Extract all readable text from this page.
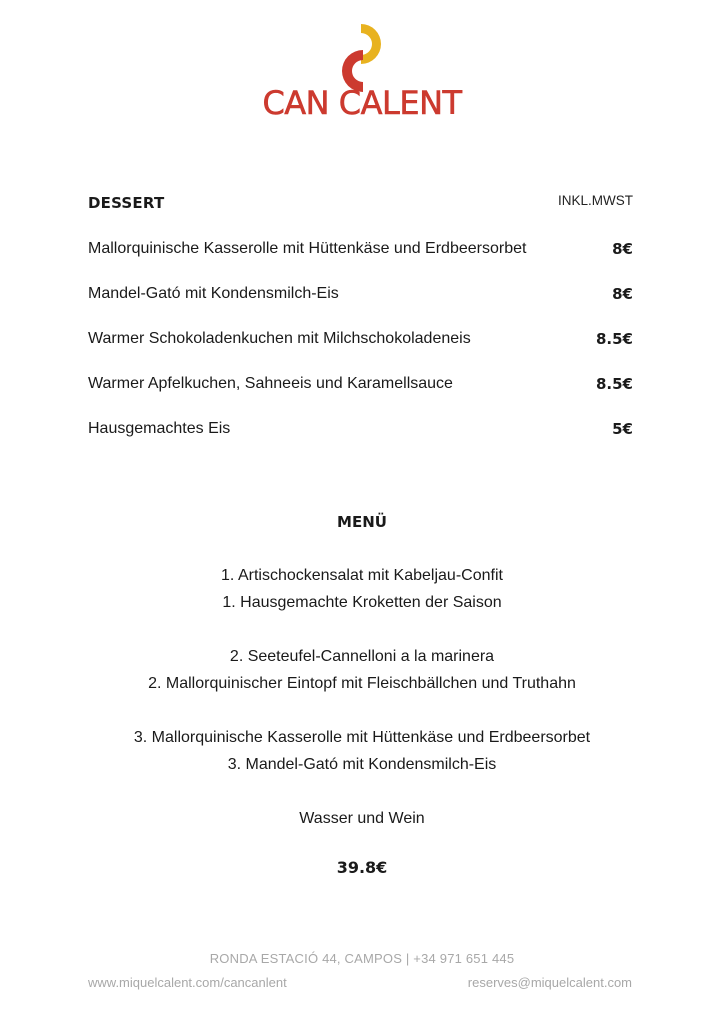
CAN CALENT
DESSERT	INKL.MWST
Mallorquinische Kasserolle mit Hüttenkäse und Erdbeersorbet	8€
Mandel-Gató mit Kondensmilch-Eis	8€
Warmer Schokoladenkuchen mit Milchschokoladeneis	8.5€
Warmer Apfelkuchen, Sahneeis und Karamellsauce	8.5€
Hausgemachtes Eis	5€
MENÜ
1. Artischockensalat mit Kabeljau-Confit
1. Hausgemachte Kroketten der Saison
2. Seeteufel-Cannelloni a la marinera
2. Mallorquinischer Eintopf mit Fleischbällchen und Truthahn
3. Mallorquinische Kasserolle mit Hüttenkäse und Erdbeersorbet
3. Mandel-Gató mit Kondensmilch-Eis
Wasser und Wein
39.8€
RONDA ESTACIÓ 44, CAMPOS | +34 971 651 445
www.miquelcalent.com/cancanlent	reserves@miquelcalent.com
